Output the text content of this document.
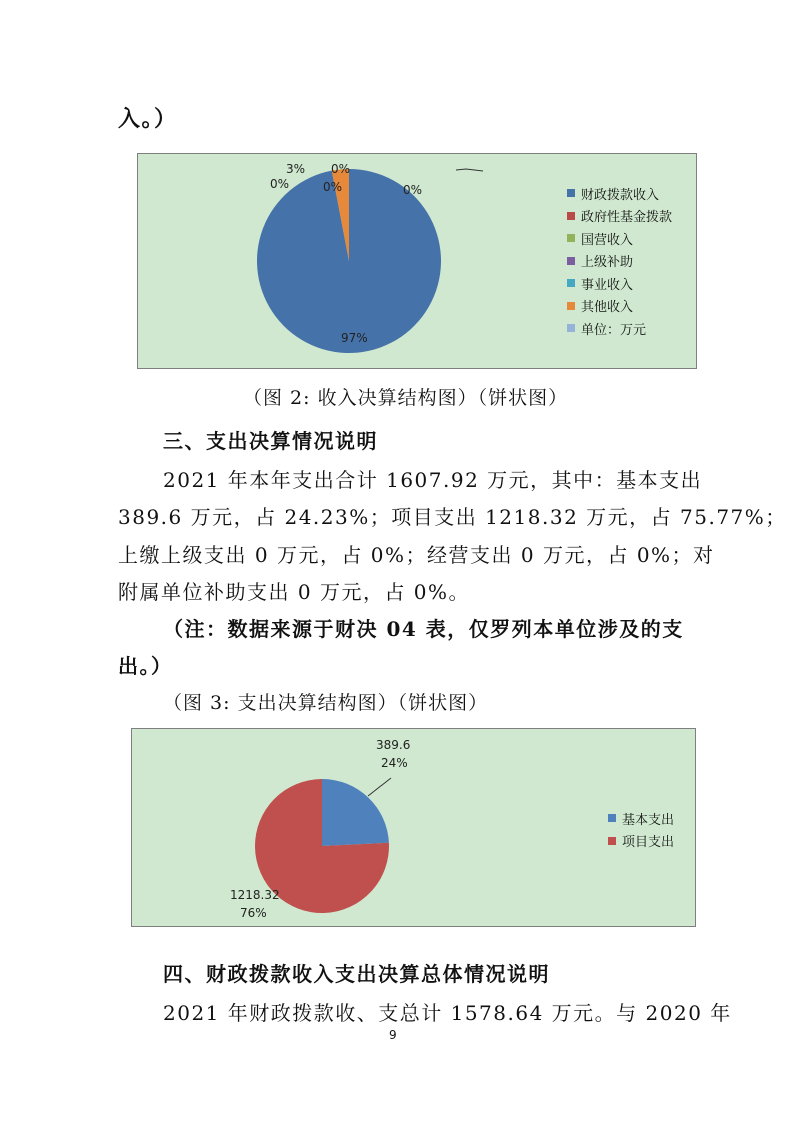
入。）
97%
3% 0%
0%	0%	0%	财政拨款收入
政府性基金拨款
国营收入
上级补助
事业收入
其他收入
单位：万元
（图 2: 收入决算结构图）（饼状图）
三、支出决算情况说明
2021 年本年支出合计 1607.92 万元，其中：基本支出
389.6 万元，占 24.23%；项目支出 1218.32 万元，占 75.77%；
上缴上级支出 0 万元，占 0%；经营支出 0 万元，占 0%；对
附属单位补助支出 0 万元，占 0%。
（注：数据来源于财决 04 表，仅罗列本单位涉及的支
出。）
（图 3: 支出决算结构图）（饼状图）
389.6
24%
1218.32
76%
基本支出
项目支出
四、财政拨款收入支出决算总体情况说明
2021 年财政拨款收、支总计 1578.64 万元。与 2020 年
9
